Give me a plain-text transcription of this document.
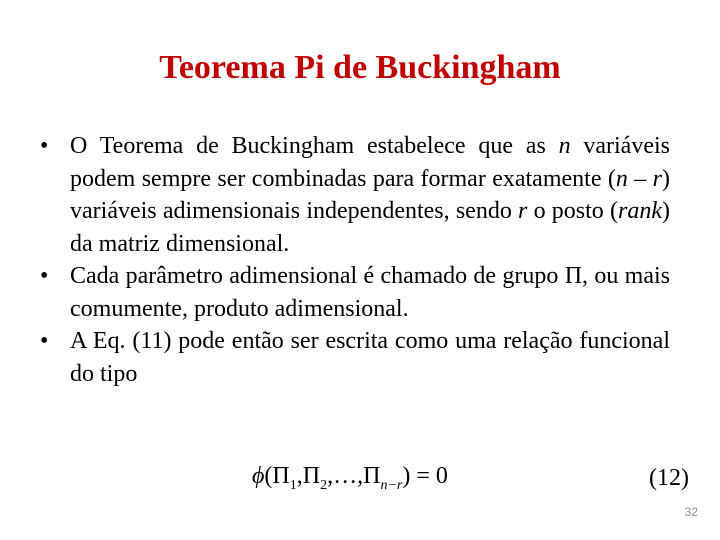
Teorema Pi de Buckingham
• O Teorema de Buckingham estabelece que as n variáveis podem sempre ser combinadas para formar exatamente (n – r) variáveis adimensionais independentes, sendo r o posto (rank) da matriz dimensional.
• Cada parâmetro adimensional é chamado de grupo Π, ou mais comumente, produto adimensional.
• A Eq. (11) pode então ser escrita como uma relação funcional do tipo
$\phi(\Pi_1,\Pi_2,\dots,\Pi_{n-r}) = 0$	(12)
32
